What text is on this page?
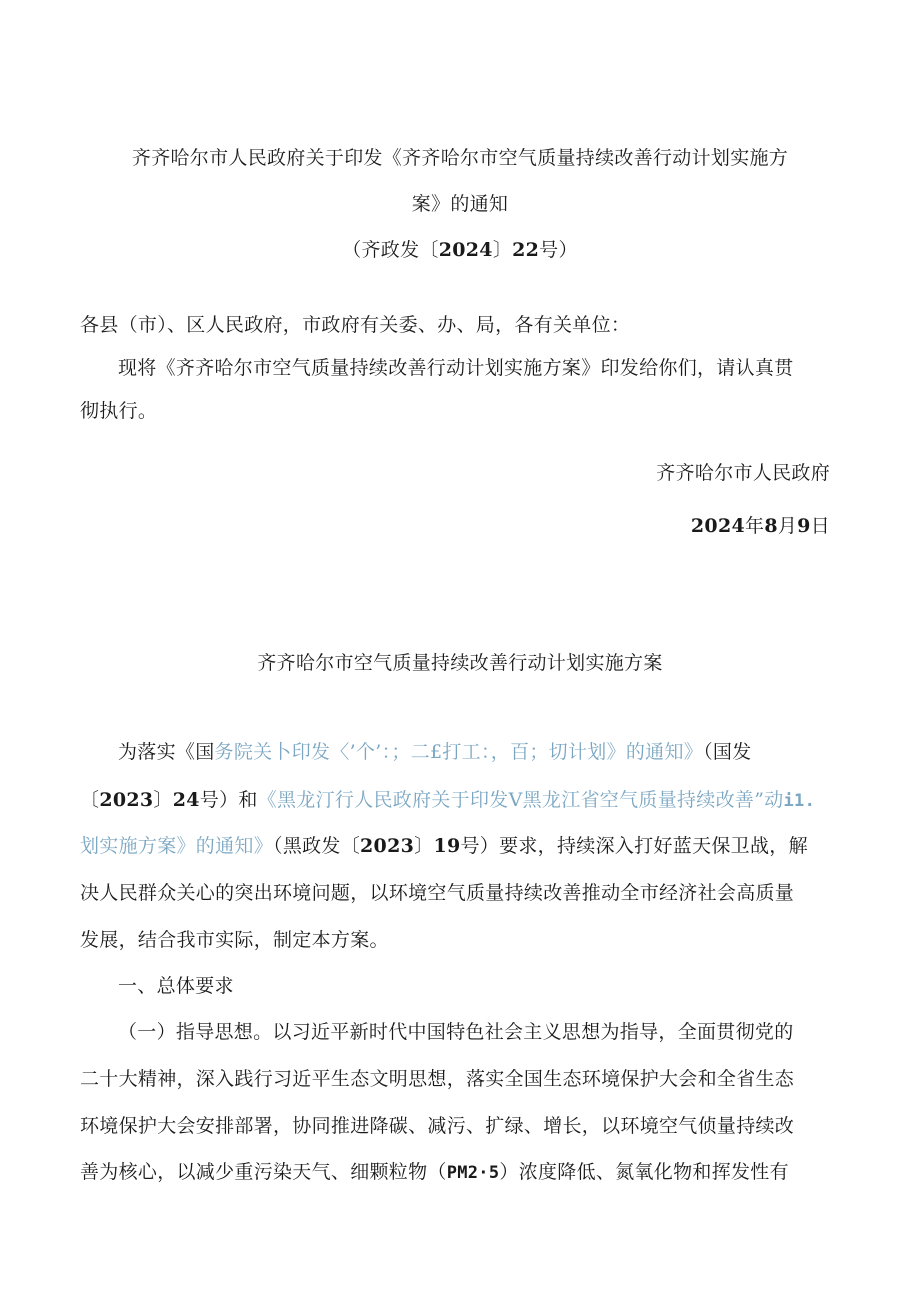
齐齐哈尔市人民政府关于印发《齐齐哈尔市空气质量持续改善行动计划实施方
案》的通知
（齐政发〔2024〕22号）
各县（市）、区人民政府，市政府有关委、办、局，各有关单位：
现将《齐齐哈尔市空气质量持续改善行动计划实施方案》印发给你们，请认真贯
彻执行。
齐齐哈尔市人民政府
2024年8月9日
齐齐哈尔市空气质量持续改善行动计划实施方案
为落实《国务院关卜印发〈’个’：；二£打工：，百；切计划》的通知》（国发
〔2023〕24号）和《黑龙汀行人民政府关于印发V黑龙江省空气质量持续改善”动i1.
划实施方案》的通知》（黑政发〔2023〕19号）要求，持续深入打好蓝天保卫战，解
决人民群众关心的突出环境问题，以环境空气质量持续改善推动全市经济社会高质量
发展，结合我市实际，制定本方案。
一、总体要求
（一）指导思想。以习近平新时代中国特色社会主义思想为指导，全面贯彻党的
二十大精神，深入践行习近平生态文明思想，落实全国生态环境保护大会和全省生态
环境保护大会安排部署，协同推进降碳、减污、扩绿、增长，以环境空气侦量持续改
善为核心，以减少重污染天气、细颗粒物（PM2·5）浓度降低、氮氧化物和挥发性有
